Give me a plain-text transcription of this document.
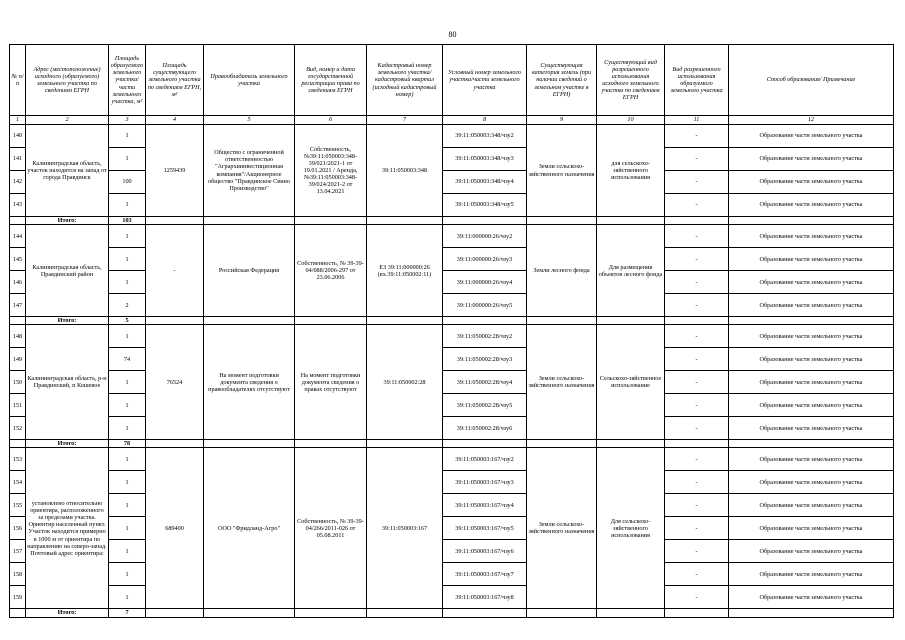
80
№ п/п	Адрес (местоположение) исходного (образуемого) земельного участка по сведениям ЕГРН	Площадь образуемого земельного участка/части земельного участка, м²	Площадь существующего земельного участка по сведениям ЕГРН, м²	Правообладатель земельного участка	Вид, номер и дата государственной регистрации права по сведениям ЕГРН	Кадастровый номер земельного участка/ кадастровый квартал (исходный кадастровый номер)	Условный номер земельного участка/части земельного участка	Существующая категория земель (при наличии сведений о земельном участке в ЕГРН)	Существующий вид разрешенного использования исходного земельного участка по сведениям ЕГРН	Вид разрешенного использования образуемого земельного участка	Способ образования/ Примечание
1	2	3	4	5	6	7	8	9	10	11	12
140	Калининградская область, участок находится на запад от города Правдинск	1	1259439	Общество с ограниченной ответственностью "Агрархиинвестиционная компания"/Акционерное общество "Правдинское Свино Производство"	Собственность, №39:11:050003:348-39/021/2021-1 от 19.01.2021 / Аренда, №39:11:050003:348-39/024/2021-2 от 13.04.2021	39:11:050003:348	39:11:050003:348/чзу2	Земли сельскохо-зяйственного назначения	для сельскохо-зяйственного использования	-	Образование части земельного участка
141		1					39:11:050003:348/чзу3			-	Образование части земельного участка
142		100					39:11:050003:348/чзу4			-	Образование части земельного участка
143		1					39:11:050003:348/чзу5			-	Образование части земельного участка
	Итого:	103									
144	Калининградская область, Правдинский район	1	-	Российская Федерация	Собственность, № 39-39-04/088/2006-297 от 23.06.2006	ЕЗ 39:11:000000:26 (вх.39:11:050002:11)	39:11:000000:26/чзу2	Земли лесного фонда	Для размещения объектов лесного фонда	-	Образование части земельного участка
145		1					39:11:000000:26/чзу3			-	Образование части земельного участка
146		1					39:11:000000:26/чзу4			-	Образование части земельного участка
147		2					39:11:000000:26/чзу5			-	Образование части земельного участка
	Итого:	5									
148	Калининградская область, р-н Правдинский, п Кошевое	1	76524	На момент подготовки документа сведения о правообладателях отсутствуют	На момент подготовки документа сведения о правах отсутствуют	39:11:050002:28	39:11:050002:28/чзу2	Земли сельскохо-зяйственного назначения	Сельскохо-зяйственное использование	-	Образование части земельного участка
149		74					39:11:050002:28/чзу3			-	Образование части земельного участка
150		1					39:11:050002:28/чзу4			-	Образование части земельного участка
151		1					39:11:050002:28/чзу5			-	Образование части земельного участка
152		1					39:11:050002:28/чзу6			-	Образование части земельного участка
	Итого:	78									
153	установлено относительно ориентира, расположенного за пределами участка. Ориентир населенный пункт. Участок находится примерно в 1000 м от ориентира по направлению на северо-запад. Почтовый адрес ориентира:	1	689400	ООО "Фридланд-Агро"	Собственность, № 39-39-04/266/2011-026 от 05.08.2011	39:11:050003:167	39:11:050003:167/чзу2	Земли сельскохо-зяйственного назначения	Для сельскохо-зяйственного использования	-	Образование части земельного участка
154		1					39:11:050003:167/чзу3			-	Образование части земельного участка
155		1					39:11:050003:167/чзу4			-	Образование части земельного участка
156		1					39:11:050003:167/чзу5			-	Образование части земельного участка
157		1					39:11:050003:167/чзу6			-	Образование части земельного участка
158		1					39:11:050003:167/чзу7			-	Образование части земельного участка
159		1					39:11:050003:167/чзу8			-	Образование части земельного участка
	Итого:	7									
